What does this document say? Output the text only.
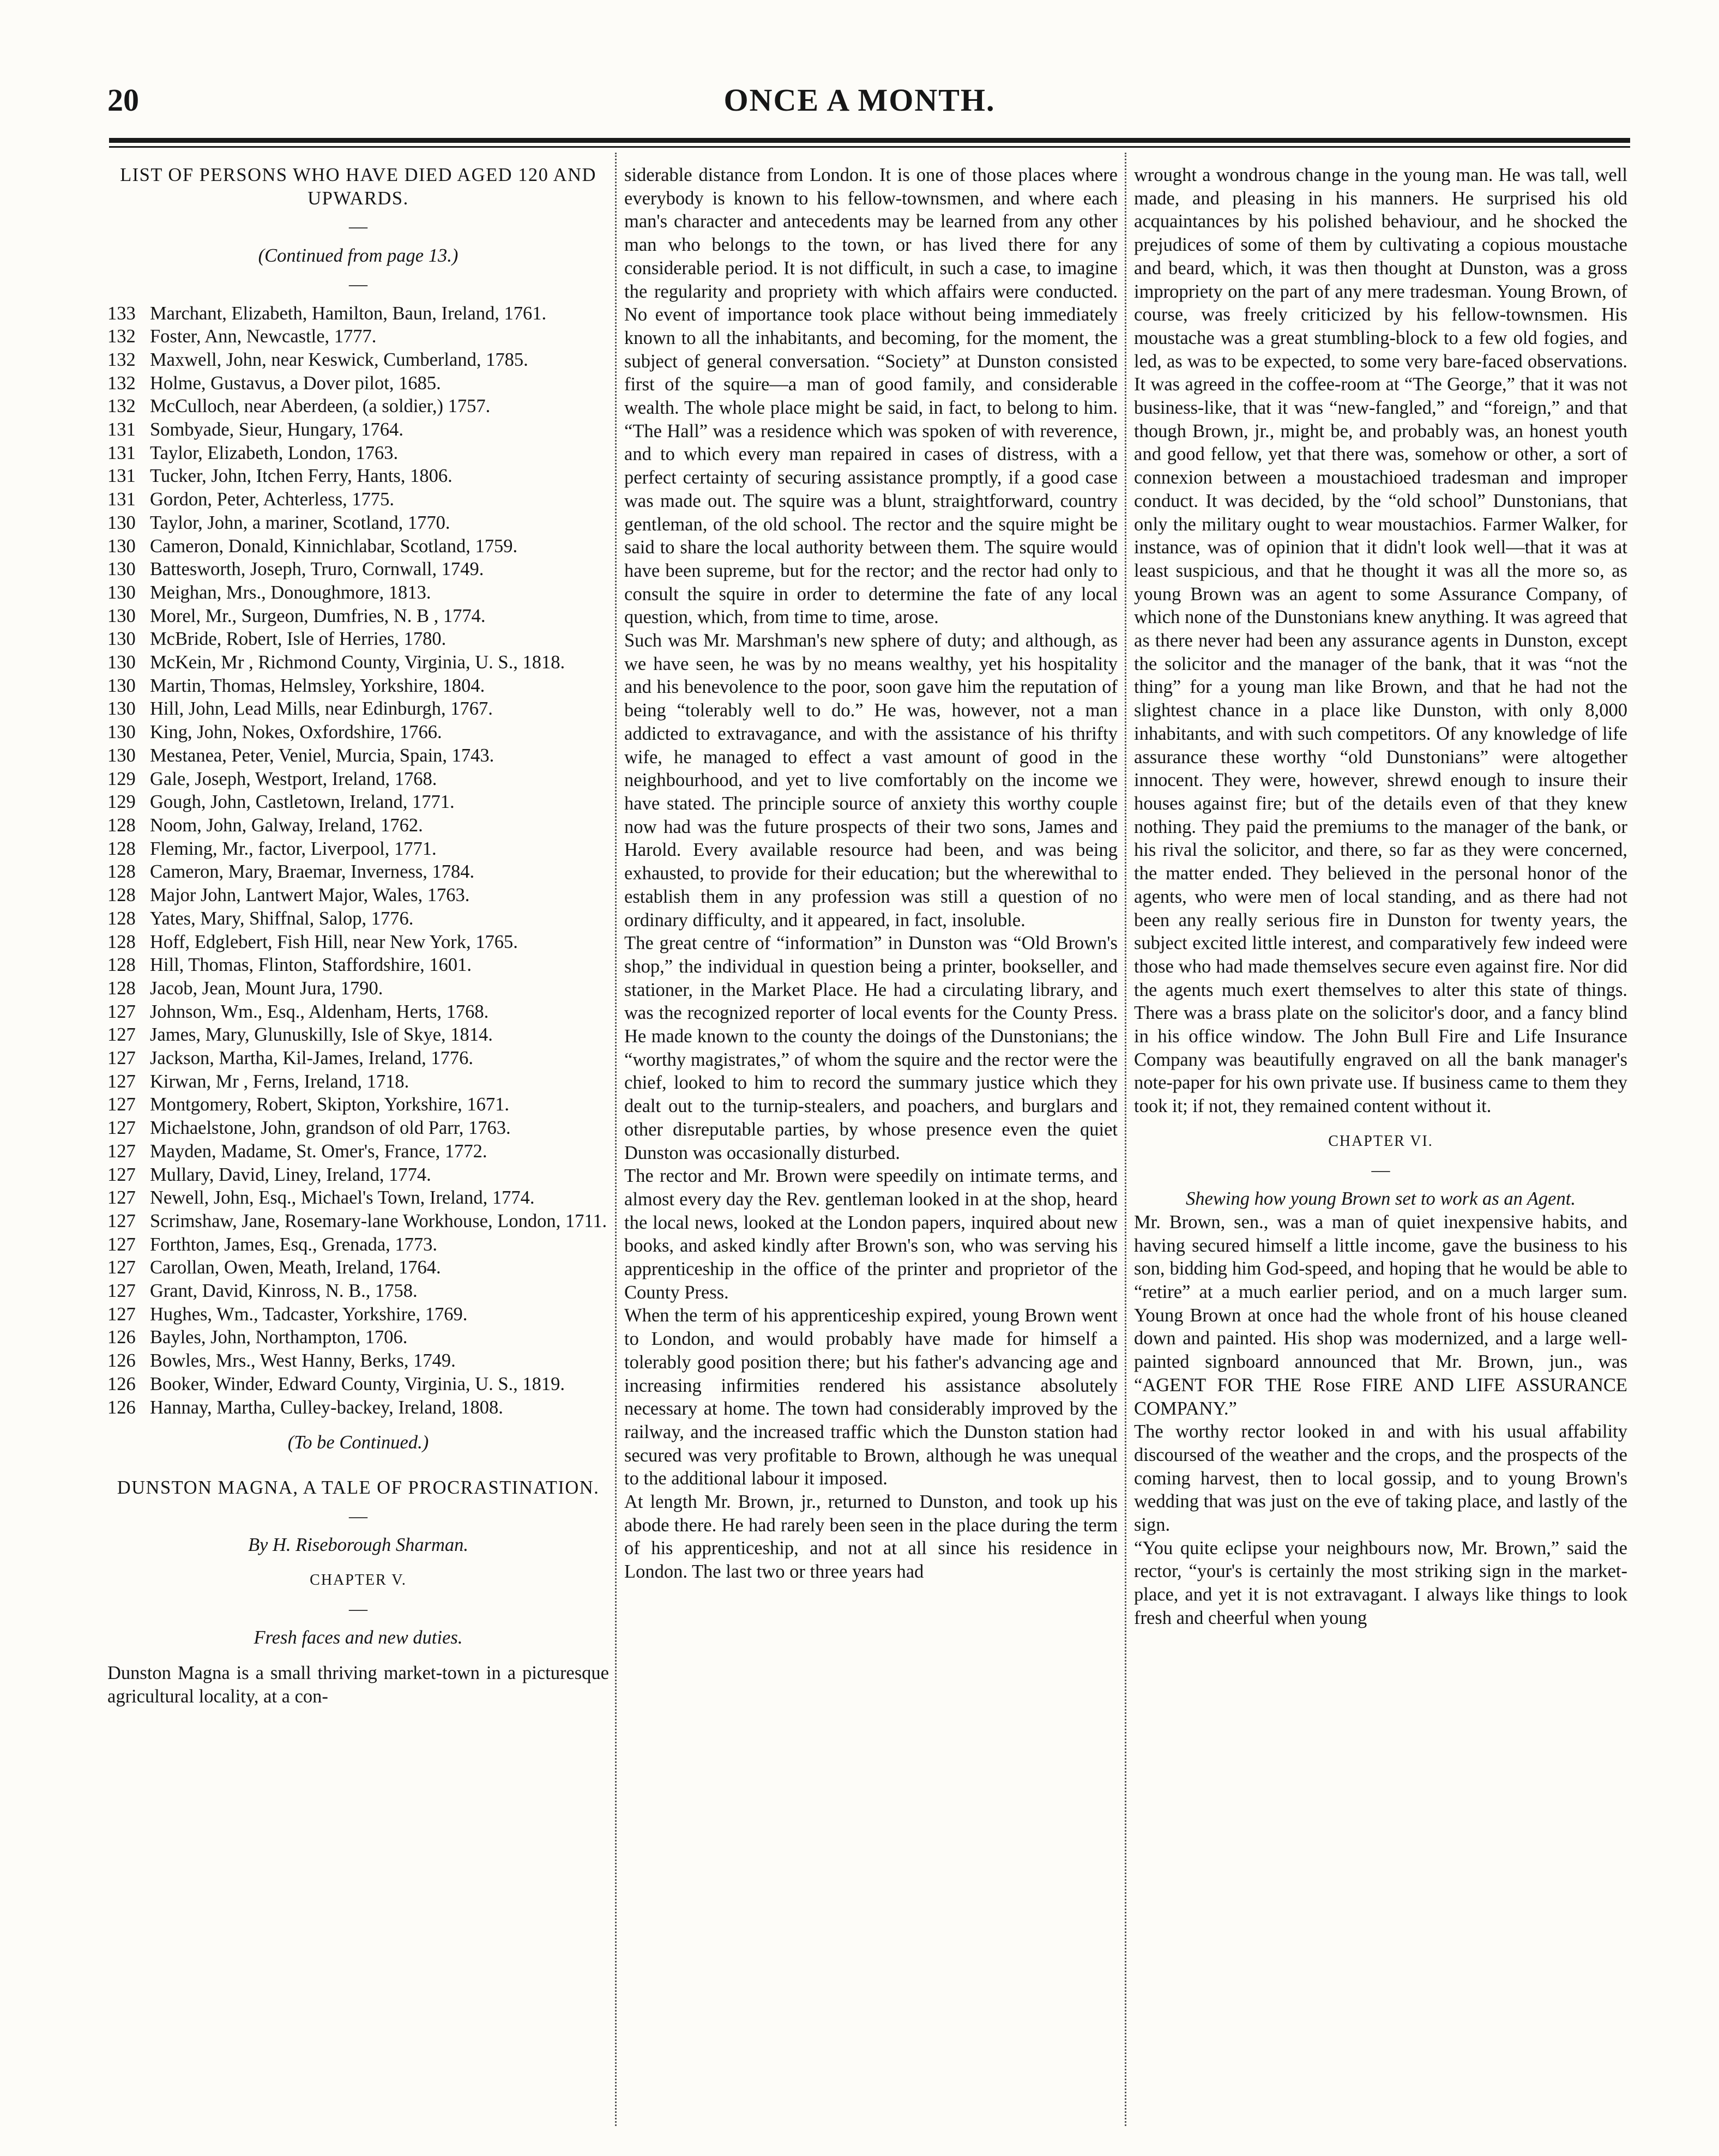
20	ONCE A MONTH.

LIST OF PERSONS WHO HAVE DIED AGED 120 AND UPWARDS.

—

(Continued from page 13.)

—
133 Marchant, Elizabeth, Hamilton, Baun, Ireland, 1761.
132 Foster, Ann, Newcastle, 1777.
132 Maxwell, John, near Keswick, Cumberland, 1785.
132 Holme, Gustavus, a Dover pilot, 1685.
132 McCulloch, near Aberdeen, (a soldier,) 1757.
131 Sombyade, Sieur, Hungary, 1764.
131 Taylor, Elizabeth, London, 1763.
131 Tucker, John, Itchen Ferry, Hants, 1806.
131 Gordon, Peter, Achterless, 1775.
130 Taylor, John, a mariner, Scotland, 1770.
130 Cameron, Donald, Kinnichlabar, Scotland, 1759.
130 Battesworth, Joseph, Truro, Cornwall, 1749.
130 Meighan, Mrs., Donoughmore, 1813.
130 Morel, Mr., Surgeon, Dumfries, N. B , 1774.
130 McBride, Robert, Isle of Herries, 1780.
130 McKein, Mr , Richmond County, Virginia, U. S., 1818.
130 Martin, Thomas, Helmsley, Yorkshire, 1804.
130 Hill, John, Lead Mills, near Edinburgh, 1767.
130 King, John, Nokes, Oxfordshire, 1766.
130 Mestanea, Peter, Veniel, Murcia, Spain, 1743.
129 Gale, Joseph, Westport, Ireland, 1768.
129 Gough, John, Castletown, Ireland, 1771.
128 Noom, John, Galway, Ireland, 1762.
128 Fleming, Mr., factor, Liverpool, 1771.
128 Cameron, Mary, Braemar, Inverness, 1784.
128 Major John, Lantwert Major, Wales, 1763.
128 Yates, Mary, Shiffnal, Salop, 1776.
128 Hoff, Edglebert, Fish Hill, near New York, 1765.
128 Hill, Thomas, Flinton, Staffordshire, 1601.
128 Jacob, Jean, Mount Jura, 1790.
127 Johnson, Wm., Esq., Aldenham, Herts, 1768.
127 James, Mary, Glunuskilly, Isle of Skye, 1814.
127 Jackson, Martha, Kil-James, Ireland, 1776.
127 Kirwan, Mr , Ferns, Ireland, 1718.
127 Montgomery, Robert, Skipton, Yorkshire, 1671.
127 Michaelstone, John, grandson of old Parr, 1763.
127 Mayden, Madame, St. Omer's, France, 1772.
127 Mullary, David, Liney, Ireland, 1774.
127 Newell, John, Esq., Michael's Town, Ireland, 1774.
127 Scrimshaw, Jane, Rosemary-lane Workhouse, London, 1711.
127 Forthton, James, Esq., Grenada, 1773.
127 Carollan, Owen, Meath, Ireland, 1764.
127 Grant, David, Kinross, N. B., 1758.
127 Hughes, Wm., Tadcaster, Yorkshire, 1769.
126 Bayles, John, Northampton, 1706.
126 Bowles, Mrs., West Hanny, Berks, 1749.
126 Booker, Winder, Edward County, Virginia, U. S., 1819.
126 Hannay, Martha, Culley-backey, Ireland, 1808.

(To be Continued.)

DUNSTON MAGNA, A TALE OF PROCRASTINATION.

—

By H. Riseborough Sharman.

CHAPTER V.

—

Fresh faces and new duties.

Dunston Magna is a small thriving market-town in a picturesque agricultural locality, at a con-

siderable distance from London. It is one of those places where everybody is known to his fellow-townsmen, and where each man's character and antecedents may be learned from any other man who belongs to the town, or has lived there for any considerable period. It is not difficult, in such a case, to imagine the regularity and propriety with which affairs were conducted. No event of importance took place without being immediately known to all the inhabitants, and becoming, for the moment, the subject of general conversation. “Society” at Dunston consisted first of the squire—a man of good family, and considerable wealth. The whole place might be said, in fact, to belong to him. “The Hall” was a residence which was spoken of with reverence, and to which every man repaired in cases of distress, with a perfect certainty of securing assistance promptly, if a good case was made out. The squire was a blunt, straightforward, country gentleman, of the old school. The rector and the squire might be said to share the local authority between them. The squire would have been supreme, but for the rector; and the rector had only to consult the squire in order to determine the fate of any local question, which, from time to time, arose.

Such was Mr. Marshman's new sphere of duty; and although, as we have seen, he was by no means wealthy, yet his hospitality and his benevolence to the poor, soon gave him the reputation of being “tolerably well to do.” He was, however, not a man addicted to extravagance, and with the assistance of his thrifty wife, he managed to effect a vast amount of good in the neighbourhood, and yet to live comfortably on the income we have stated. The principle source of anxiety this worthy couple now had was the future prospects of their two sons, James and Harold. Every available resource had been, and was being exhausted, to provide for their education; but the wherewithal to establish them in any profession was still a question of no ordinary difficulty, and it appeared, in fact, insoluble.

The great centre of “information” in Dunston was “Old Brown's shop,” the individual in question being a printer, bookseller, and stationer, in the Market Place. He had a circulating library, and was the recognized reporter of local events for the County Press. He made known to the county the doings of the Dunstonians; the “worthy magistrates,” of whom the squire and the rector were the chief, looked to him to record the summary justice which they dealt out to the turnip-stealers, and poachers, and burglars and other disreputable parties, by whose presence even the quiet Dunston was occasionally disturbed.

The rector and Mr. Brown were speedily on intimate terms, and almost every day the Rev. gentleman looked in at the shop, heard the local news, looked at the London papers, inquired about new books, and asked kindly after Brown's son, who was serving his apprenticeship in the office of the printer and proprietor of the County Press.

When the term of his apprenticeship expired, young Brown went to London, and would probably have made for himself a tolerably good position there; but his father's advancing age and increasing infirmities rendered his assistance absolutely necessary at home. The town had considerably improved by the railway, and the increased traffic which the Dunston station had secured was very profitable to Brown, although he was unequal to the additional labour it imposed.

At length Mr. Brown, jr., returned to Dunston, and took up his abode there. He had rarely been seen in the place during the term of his apprenticeship, and not at all since his residence in London. The last two or three years had

wrought a wondrous change in the young man. He was tall, well made, and pleasing in his manners. He surprised his old acquaintances by his polished behaviour, and he shocked the prejudices of some of them by cultivating a copious moustache and beard, which, it was then thought at Dunston, was a gross impropriety on the part of any mere tradesman. Young Brown, of course, was freely criticized by his fellow-townsmen. His moustache was a great stumbling-block to a few old fogies, and led, as was to be expected, to some very bare-faced observations. It was agreed in the coffee-room at “The George,” that it was not business-like, that it was “new-fangled,” and “foreign,” and that though Brown, jr., might be, and probably was, an honest youth and good fellow, yet that there was, somehow or other, a sort of connexion between a moustachioed tradesman and improper conduct. It was decided, by the “old school” Dunstonians, that only the military ought to wear moustachios. Farmer Walker, for instance, was of opinion that it didn't look well—that it was at least suspicious, and that he thought it was all the more so, as young Brown was an agent to some Assurance Company, of which none of the Dunstonians knew anything. It was agreed that as there never had been any assurance agents in Dunston, except the solicitor and the manager of the bank, that it was “not the thing” for a young man like Brown, and that he had not the slightest chance in a place like Dunston, with only 8,000 inhabitants, and with such competitors. Of any knowledge of life assurance these worthy “old Dunstonians” were altogether innocent. They were, however, shrewd enough to insure their houses against fire; but of the details even of that they knew nothing. They paid the premiums to the manager of the bank, or his rival the solicitor, and there, so far as they were concerned, the matter ended. They believed in the personal honor of the agents, who were men of local standing, and as there had not been any really serious fire in Dunston for twenty years, the subject excited little interest, and comparatively few indeed were those who had made themselves secure even against fire. Nor did the agents much exert themselves to alter this state of things. There was a brass plate on the solicitor's door, and a fancy blind in his office window. The John Bull Fire and Life Insurance Company was beautifully engraved on all the bank manager's note-paper for his own private use. If business came to them they took it; if not, they remained content without it.

CHAPTER VI.

—

Shewing how young Brown set to work as an Agent.

Mr. Brown, sen., was a man of quiet inexpensive habits, and having secured himself a little income, gave the business to his son, bidding him God-speed, and hoping that he would be able to “retire” at a much earlier period, and on a much larger sum. Young Brown at once had the whole front of his house cleaned down and painted. His shop was modernized, and a large well-painted signboard announced that Mr. Brown, jun., was “AGENT FOR THE Rose FIRE AND LIFE ASSURANCE COMPANY.”

The worthy rector looked in and with his usual affability discoursed of the weather and the crops, and the prospects of the coming harvest, then to local gossip, and to young Brown's wedding that was just on the eve of taking place, and lastly of the sign.

“You quite eclipse your neighbours now, Mr. Brown,” said the rector, “your's is certainly the most striking sign in the market-place, and yet it is not extravagant. I always like things to look fresh and cheerful when young
